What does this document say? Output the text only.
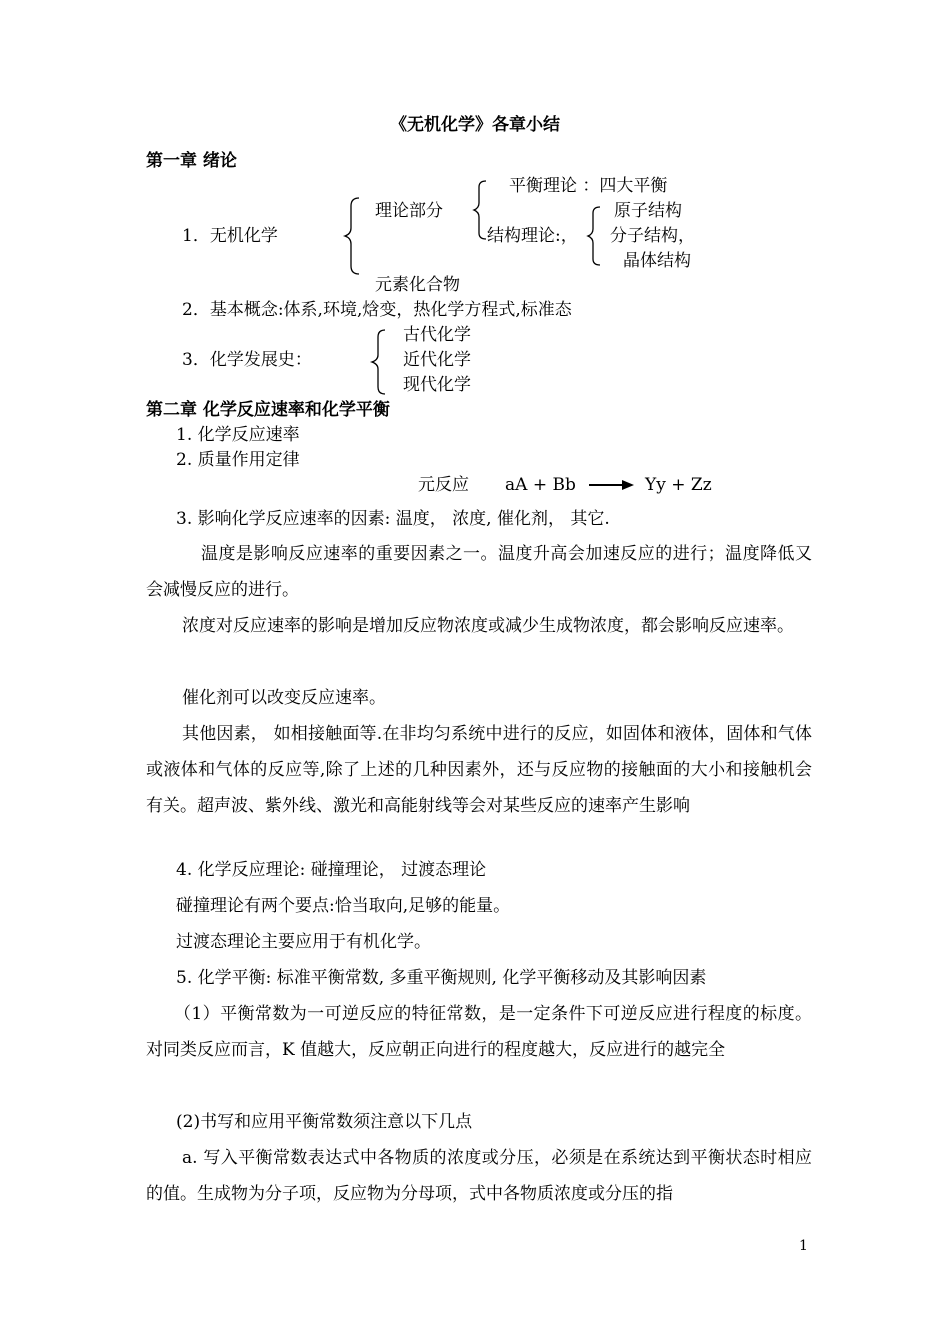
《无机化学》各章小结
第一章 绪论
1．无机化学
理论部分
平衡理论 ：四大平衡
结构理论:，
原子结构
分子结构，
晶体结构
元素化合物
2．基本概念:体系,环境,焓变，热化学方程式,标准态
3．化学发展史：
古代化学
近代化学
现代化学
第二章 化学反应速率和化学平衡
1. 化学反应速率
2. 质量作用定律
元反应 aA + Bb → Yy + Zz
3. 影响化学反应速率的因素: 温度， 浓度, 催化剂， 其它.
温度是影响反应速率的重要因素之一。温度升高会加速反应的进行；温度降低又会减慢反应的进行。
浓度对反应速率的影响是增加反应物浓度或减少生成物浓度，都会影响反应速率。
催化剂可以改变反应速率。
其他因素， 如相接触面等.在非均匀系统中进行的反应，如固体和液体，固体和气体或液体和气体的反应等,除了上述的几种因素外，还与反应物的接触面的大小和接触机会有关。超声波、紫外线、激光和高能射线等会对某些反应的速率产生影响
4. 化学反应理论: 碰撞理论， 过渡态理论
碰撞理论有两个要点:恰当取向,足够的能量。
过渡态理论主要应用于有机化学。
5. 化学平衡: 标准平衡常数, 多重平衡规则, 化学平衡移动及其影响因素
（1）平衡常数为一可逆反应的特征常数，是一定条件下可逆反应进行程度的标度。对同类反应而言，K 值越大，反应朝正向进行的程度越大，反应进行的越完全
(2)书写和应用平衡常数须注意以下几点
a. 写入平衡常数表达式中各物质的浓度或分压，必须是在系统达到平衡状态时相应的值。生成物为分子项，反应物为分母项，式中各物质浓度或分压的指
1
